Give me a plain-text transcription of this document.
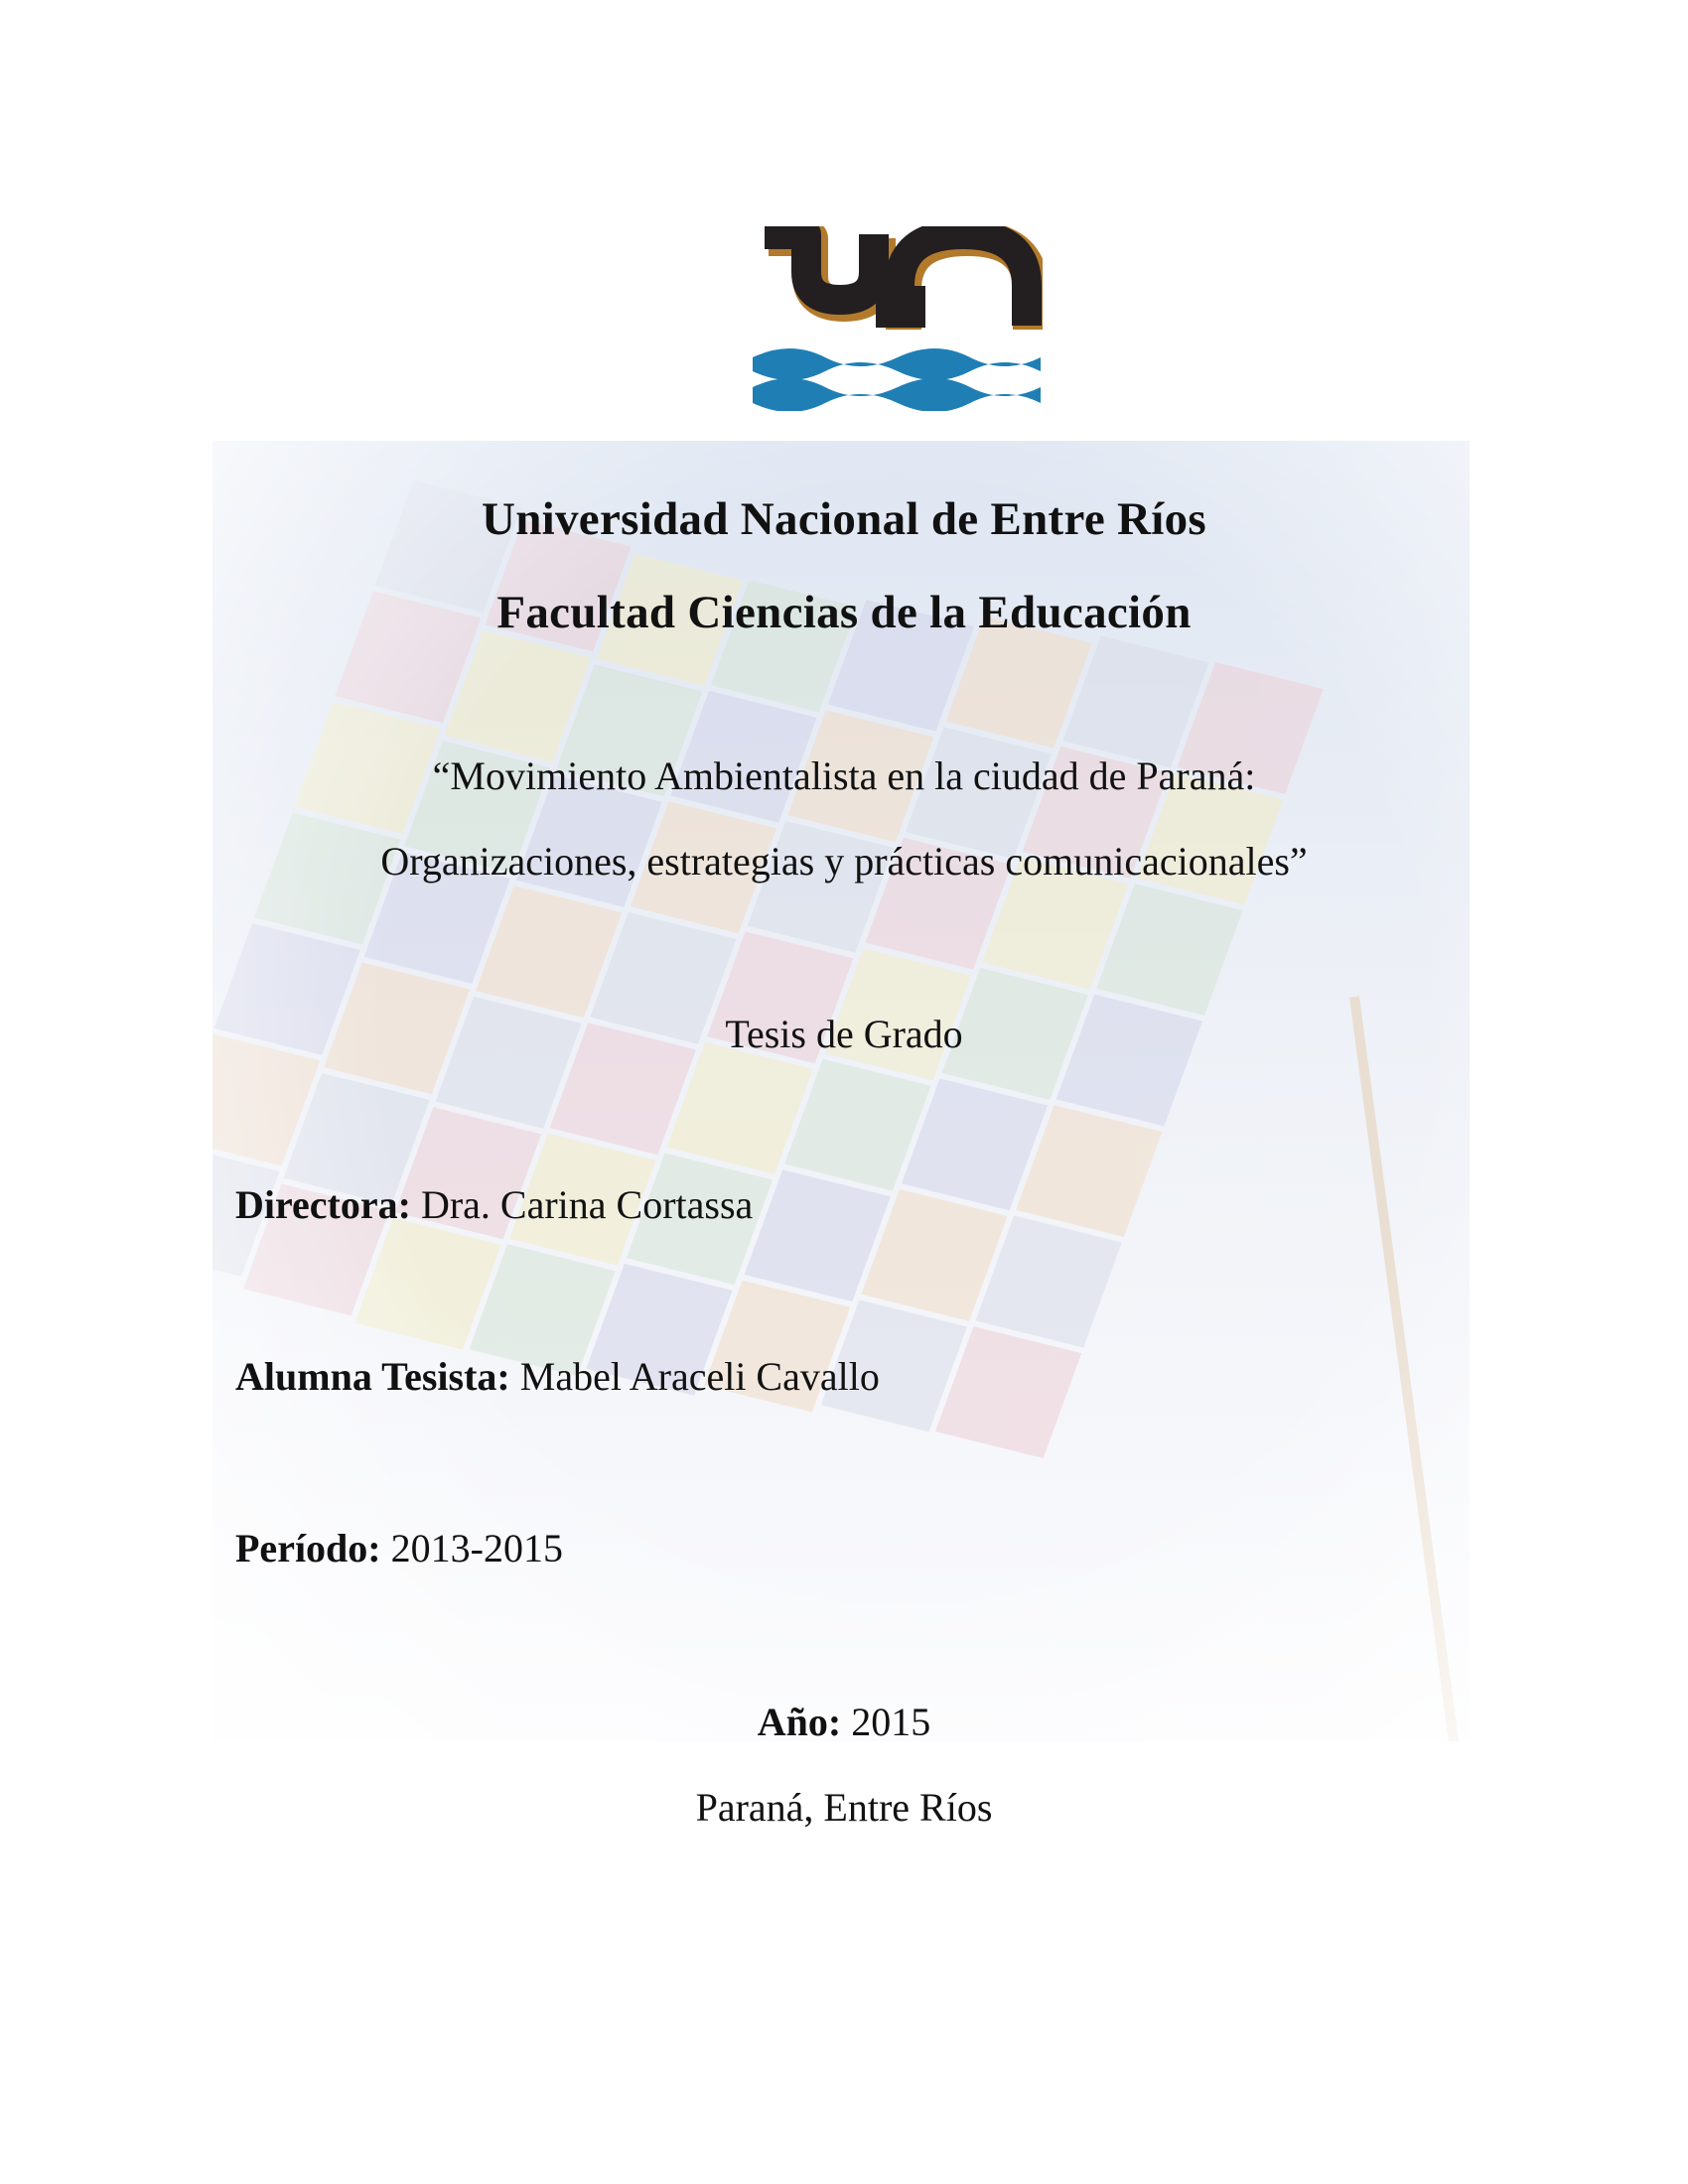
Universidad Nacional de Entre Ríos
Facultad Ciencias de la Educación
“Movimiento Ambientalista en la ciudad de Paraná:
Organizaciones, estrategias y prácticas comunicacionales”
Tesis de Grado
Directora: Dra. Carina Cortassa
Alumna Tesista: Mabel Araceli Cavallo
Período: 2013-2015
Año: 2015
Paraná, Entre Ríos
